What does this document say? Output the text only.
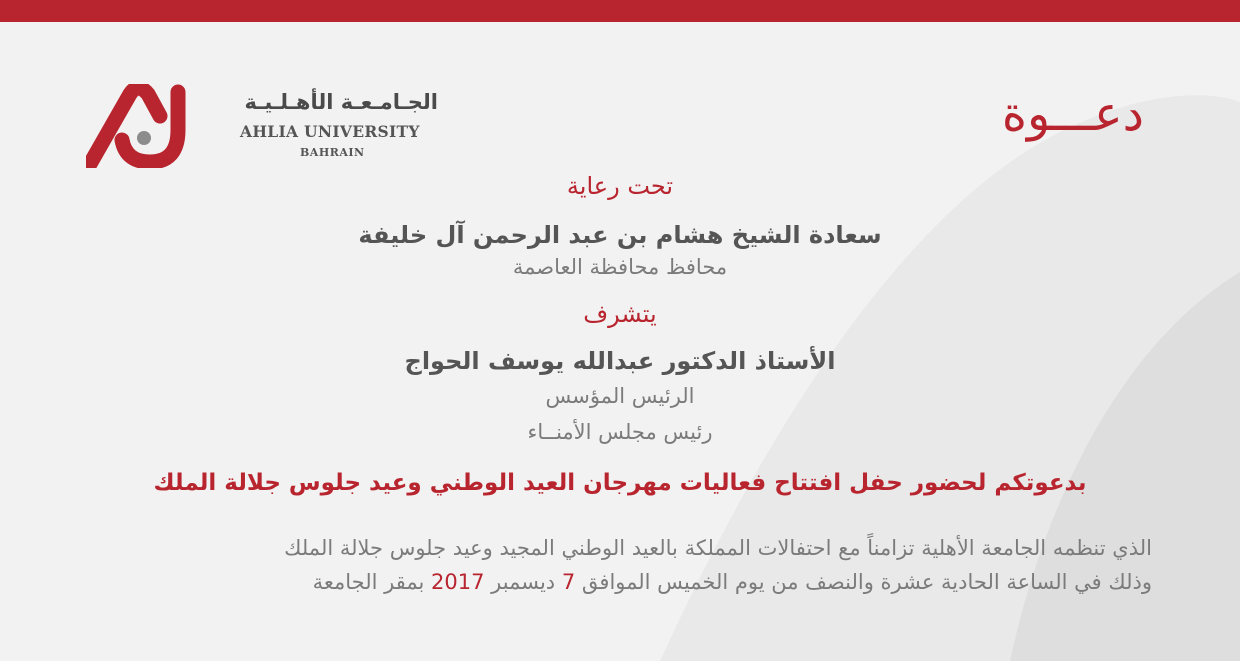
الجـامـعـة الأهـلـيـة
AHLIA UNIVERSITY
BAHRAIN
دعـــوة
تحت رعاية
سعادة الشيخ هشام بن عبد الرحمن آل خليفة
محافظ محافظة العاصمة
يتشرف
الأستاذ الدكتور عبدالله يوسف الحواج
الرئيس المؤسس
رئيس مجلس الأمنــاء
بدعوتكم لحضور حفل افتتاح فعاليات مهرجان العيد الوطني وعيد جلوس جلالة الملك
الذي تنظمه الجامعة الأهلية تزامناً مع احتفالات المملكة بالعيد الوطني المجيد وعيد جلوس جلالة الملك
وذلك في الساعة الحادية عشرة والنصف من يوم الخميس الموافق 7 ديسمبر 2017 بمقر الجامعة
